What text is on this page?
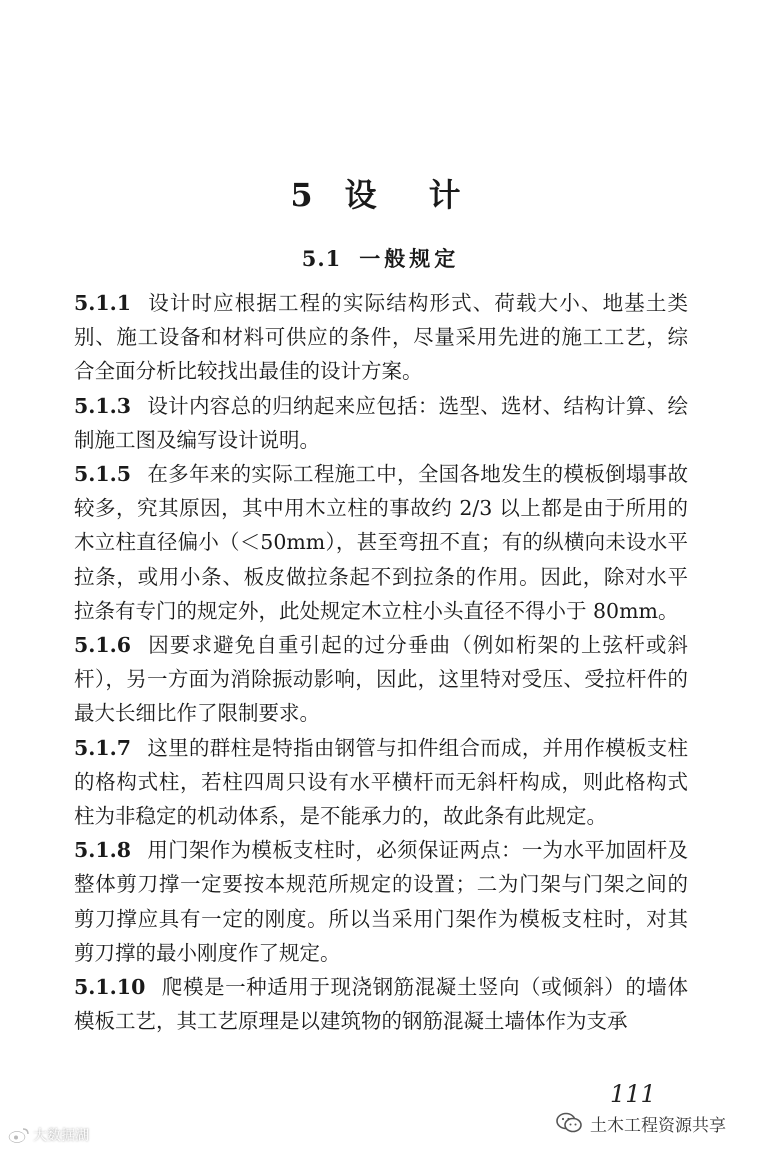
5 设　计
5.1 一般规定

5.1.1 设计时应根据工程的实际结构形式、荷载大小、地基土类别、施工设备和材料可供应的条件，尽量采用先进的施工工艺，综合全面分析比较找出最佳的设计方案。

5.1.3 设计内容总的归纳起来应包括：选型、选材、结构计算、绘制施工图及编写设计说明。

5.1.5 在多年来的实际工程施工中，全国各地发生的模板倒塌事故较多，究其原因，其中用木立柱的事故约 2/3 以上都是由于所用的木立柱直径偏小（＜50mm），甚至弯扭不直；有的纵横向未设水平拉条，或用小条、板皮做拉条起不到拉条的作用。因此，除对水平拉条有专门的规定外，此处规定木立柱小头直径不得小于 80mm。

5.1.6 因要求避免自重引起的过分垂曲（例如桁架的上弦杆或斜杆），另一方面为消除振动影响，因此，这里特对受压、受拉杆件的最大长细比作了限制要求。

5.1.7 这里的群柱是特指由钢管与扣件组合而成，并用作模板支柱的格构式柱，若柱四周只设有水平横杆而无斜杆构成，则此格构式柱为非稳定的机动体系，是不能承力的，故此条有此规定。

5.1.8 用门架作为模板支柱时，必须保证两点：一为水平加固杆及整体剪刀撑一定要按本规范所规定的设置；二为门架与门架之间的剪刀撑应具有一定的刚度。所以当采用门架作为模板支柱时，对其剪刀撑的最小刚度作了规定。

5.1.10 爬模是一种适用于现浇钢筋混凝土竖向（或倾斜）的墙体模板工艺，其工艺原理是以建筑物的钢筋混凝土墙体作为支承

111
土木工程资源共享
大数据湖
